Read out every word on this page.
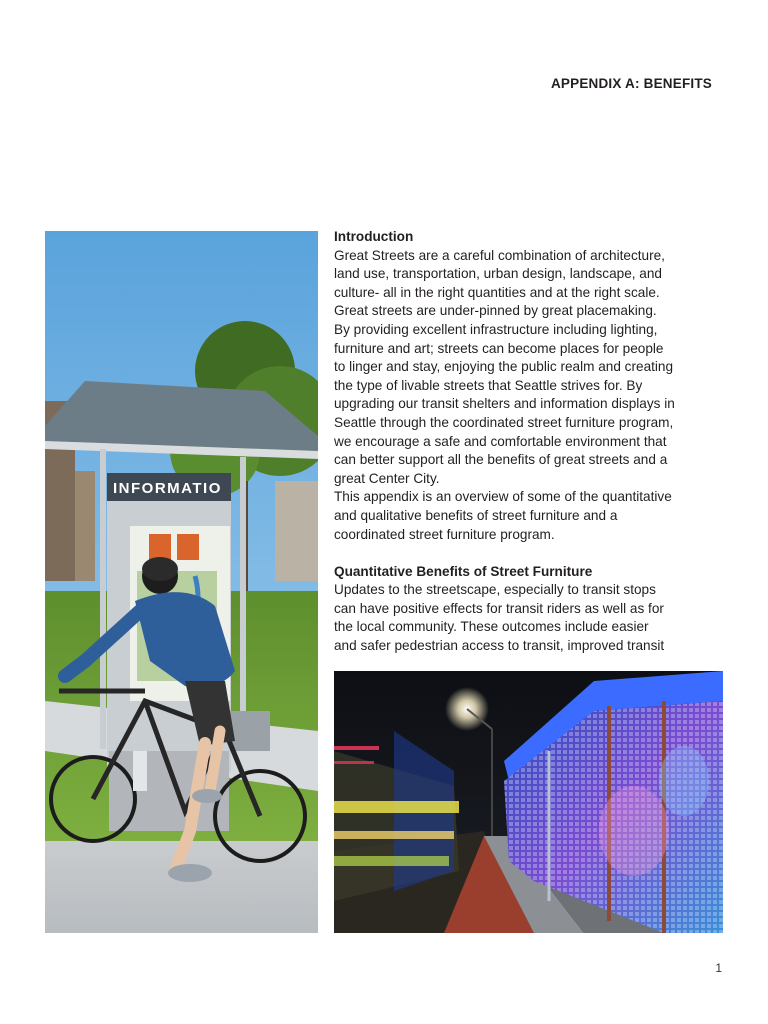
APPENDIX A: BENEFITS
INFORMATIO
Introduction
Great Streets are a careful combination of architecture,
land use, transportation, urban design, landscape, and
culture- all in the right quantities and at the right scale.
Great streets are under-pinned by great placemaking.
By providing excellent infrastructure including lighting,
furniture and art; streets can become places for people
to linger and stay, enjoying the public realm and creating
the type of livable streets that Seattle strives for. By
upgrading our transit shelters and information displays in
Seattle through the coordinated street furniture program,
we encourage a safe and comfortable environment that
can better support all the benefits of great streets and a
great Center City.
This appendix is an overview of some of the quantitative
and qualitative benefits of street furniture and a
coordinated street furniture program.
Quantitative Benefits of Street Furniture
Updates to the streetscape, especially to transit stops
can have positive effects for transit riders as well as for
the local community. These outcomes include easier
and safer pedestrian access to transit, improved transit
1
